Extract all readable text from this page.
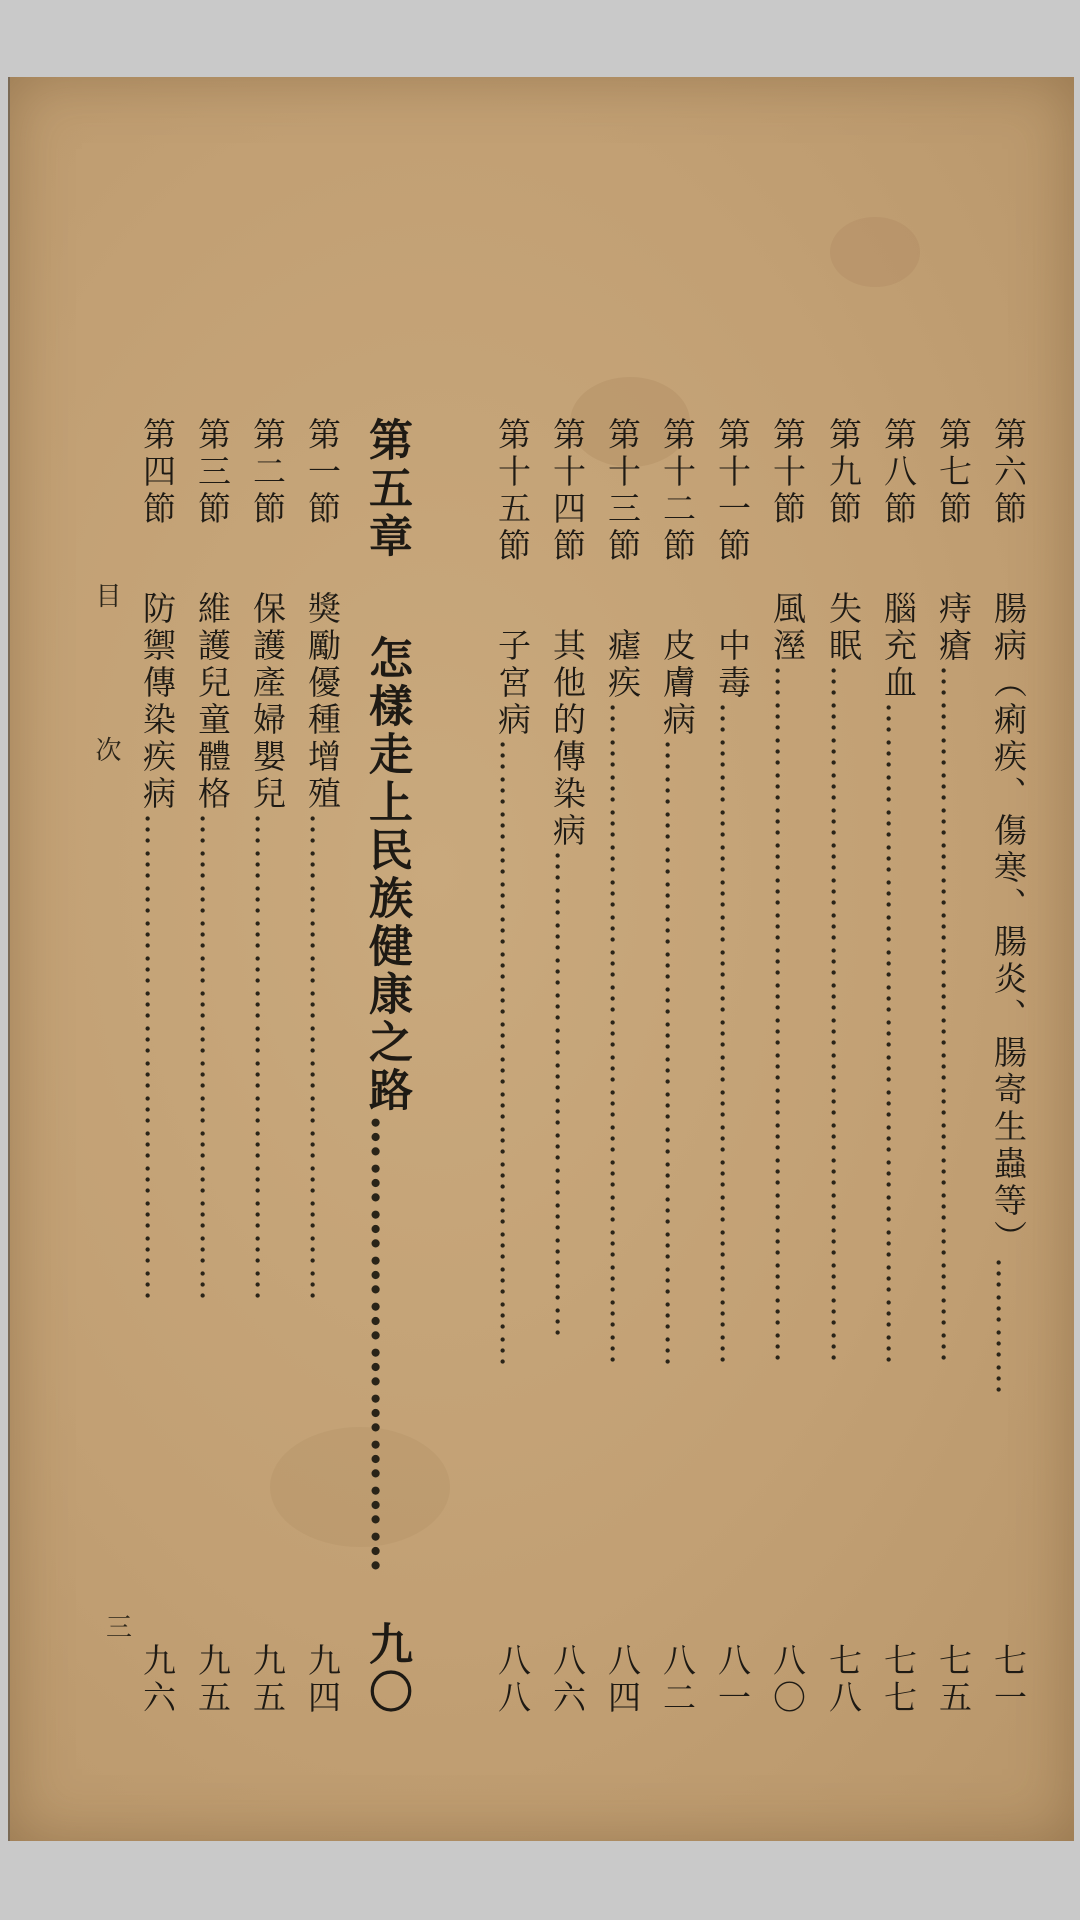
第六節　腸病（痢疾、傷寒、腸炎、腸寄生蟲等）…………
七一
第七節　痔瘡……………………………………………………
七五
第八節　腦充血…………………………………………………
七七
第九節　失眠……………………………………………………
七八
第十節　風溼……………………………………………………
八〇
第十一節　中毒…………………………………………………
八一
第十二節　皮膚病………………………………………………
八二
第十三節　瘧疾…………………………………………………
八四
第十四節　其他的傳染病……………………………………
八六
第十五節　子宮病………………………………………………
八八
第五章　怎樣走上民族健康之路…………………………
九〇
第一節　獎勵優種增殖……………………………………
九四
第二節　保護產婦嬰兒……………………………………
九五
第三節　維護兒童體格……………………………………
九五
第四節　防禦傳染疾病……………………………………
九六
目 次
三
